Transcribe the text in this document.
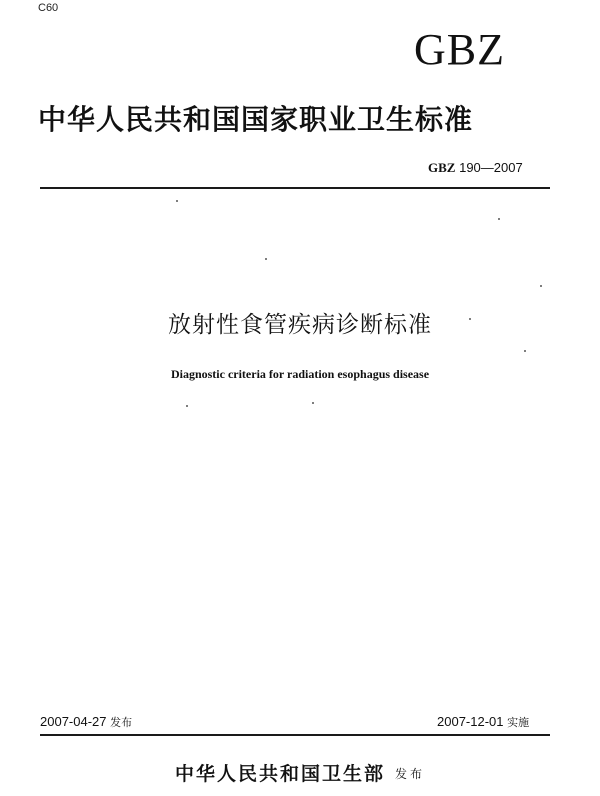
C60
GBZ
中华人民共和国国家职业卫生标准
GBZ 190—2007
放射性食管疾病诊断标准
Diagnostic criteria for radiation esophagus disease
2007-04-27 发布	2007-12-01 实施
中华人民共和国卫生部 发布
